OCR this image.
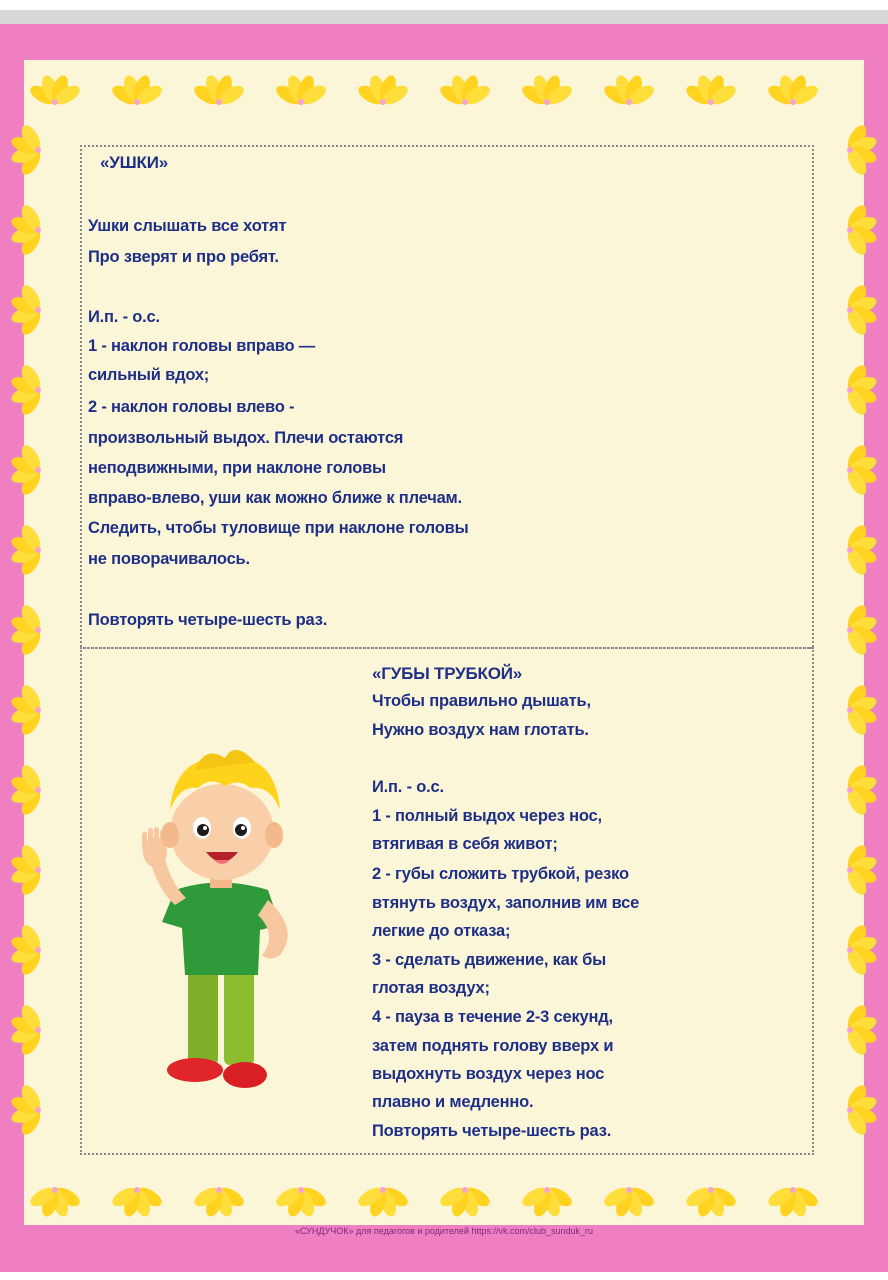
«УШКИ»
Ушки слышать все хотят
Про зверят и про ребят.
И.п. - о.с.
1 - наклон головы вправо —
сильный вдох;
2 - наклон головы влево -
произвольный выдох. Плечи остаются
неподвижными, при наклоне головы
вправо-влево, уши как можно ближе к плечам.
Следить, чтобы туловище при наклоне головы
не поворачивалось.
Повторять четыре-шесть раз.
«ГУБЫ ТРУБКОЙ»
Чтобы правильно дышать,
Нужно воздух нам глотать.
И.п. - о.с.
1 - полный выдох через нос,
втягивая в себя живот;
2 - губы сложить трубкой, резко
втянуть воздух, заполнив им все
легкие до отказа;
3 - сделать движение, как бы
глотая воздух;
4 - пауза в течение 2-3 секунд,
затем поднять голову вверх и
выдохнуть воздух через нос
плавно и медленно.
Повторять четыре-шесть раз.
«СУНДУЧОК» для педагогов и родителей https://vk.com/club_sunduk_ru
